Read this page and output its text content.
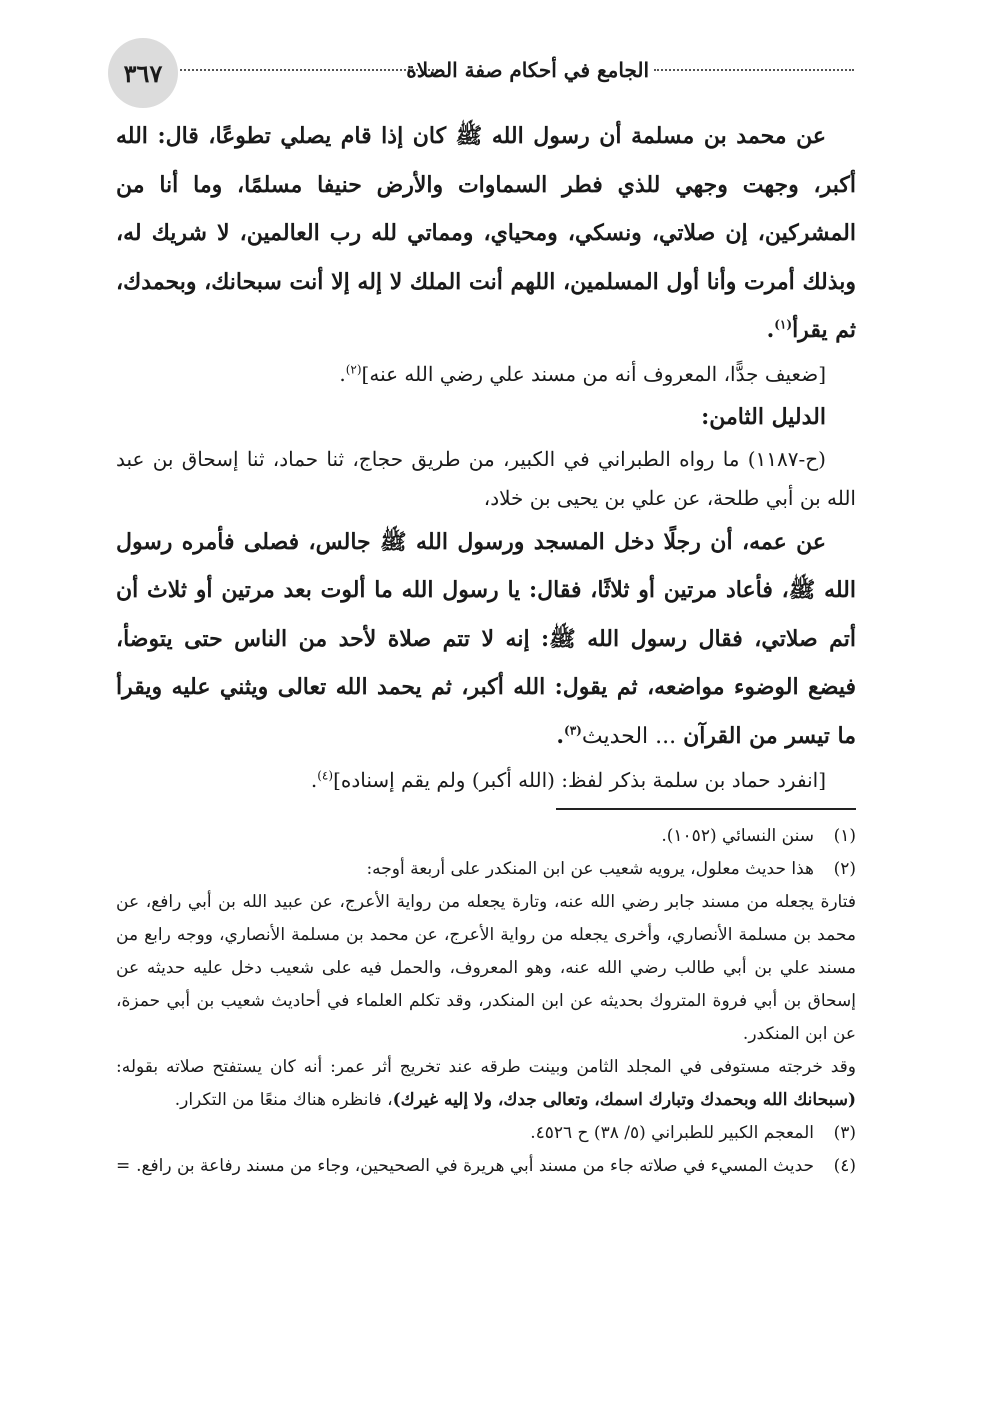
٣٦٧	الجامع في أحكام صفة الصلاة

عن محمد بن مسلمة أن رسول الله ﷺ كان إذا قام يصلي تطوعًا، قال: الله أكبر، وجهت وجهي للذي فطر السماوات والأرض حنيفا مسلمًا، وما أنا من المشركين، إن صلاتي، ونسكي، ومحياي، ومماتي لله رب العالمين، لا شريك له، وبذلك أمرت وأنا أول المسلمين، اللهم أنت الملك لا إله إلا أنت سبحانك، وبحمدك، ثم يقرأ$^{(١)}$.

[ضعيف جدًّا، المعروف أنه من مسند علي رضي الله عنه]$^{(٢)}$.

الدليل الثامن:

(ح-١١٨٧) ما رواه الطبراني في الكبير، من طريق حجاج، ثنا حماد، ثنا إسحاق بن عبد الله بن أبي طلحة، عن علي بن يحيى بن خلاد،

عن عمه، أن رجلًا دخل المسجد ورسول الله ﷺ جالس، فصلى فأمره رسول الله ﷺ، فأعاد مرتين أو ثلاثًا، فقال: يا رسول الله ما ألوت بعد مرتين أو ثلاث أن أتم صلاتي، فقال رسول الله ﷺ: إنه لا تتم صلاة لأحد من الناس حتى يتوضأ، فيضع الوضوء مواضعه، ثم يقول: الله أكبر، ثم يحمد الله تعالى ويثني عليه ويقرأ ما تيسر من القرآن ... الحديث$^{(٣)}$.

[انفرد حماد بن سلمة بذكر لفظ: (الله أكبر) ولم يقم إسناده]$^{(٤)}$.

(١)سنن النسائي (١٠٥٢).

(٢)هذا حديث معلول، يرويه شعيب عن ابن المنكدر على أربعة أوجه:

فتارة يجعله من مسند جابر رضي الله عنه، وتارة يجعله من رواية الأعرج، عن عبيد الله بن أبي رافع، عن محمد بن مسلمة الأنصاري، وأخرى يجعله من رواية الأعرج، عن محمد بن مسلمة الأنصاري، ووجه رابع من مسند علي بن أبي طالب رضي الله عنه، وهو المعروف، والحمل فيه على شعيب دخل عليه حديثه عن إسحاق بن أبي فروة المتروك بحديثه عن ابن المنكدر، وقد تكلم العلماء في أحاديث شعيب بن أبي حمزة، عن ابن المنكدر.

وقد خرجته مستوفى في المجلد الثامن وبينت طرقه عند تخريج أثر عمر: أنه كان يستفتح صلاته بقوله: (سبحانك الله وبحمدك وتبارك اسمك، وتعالى جدك، ولا إليه غيرك)، فانظره هناك منعًا من التكرار.

(٣)المعجم الكبير للطبراني (٥/ ٣٨) ح ٤٥٢٦.

(٤)حديث المسيء في صلاته جاء من مسند أبي هريرة في الصحيحين، وجاء من مسند رفاعة بن رافع.
=
